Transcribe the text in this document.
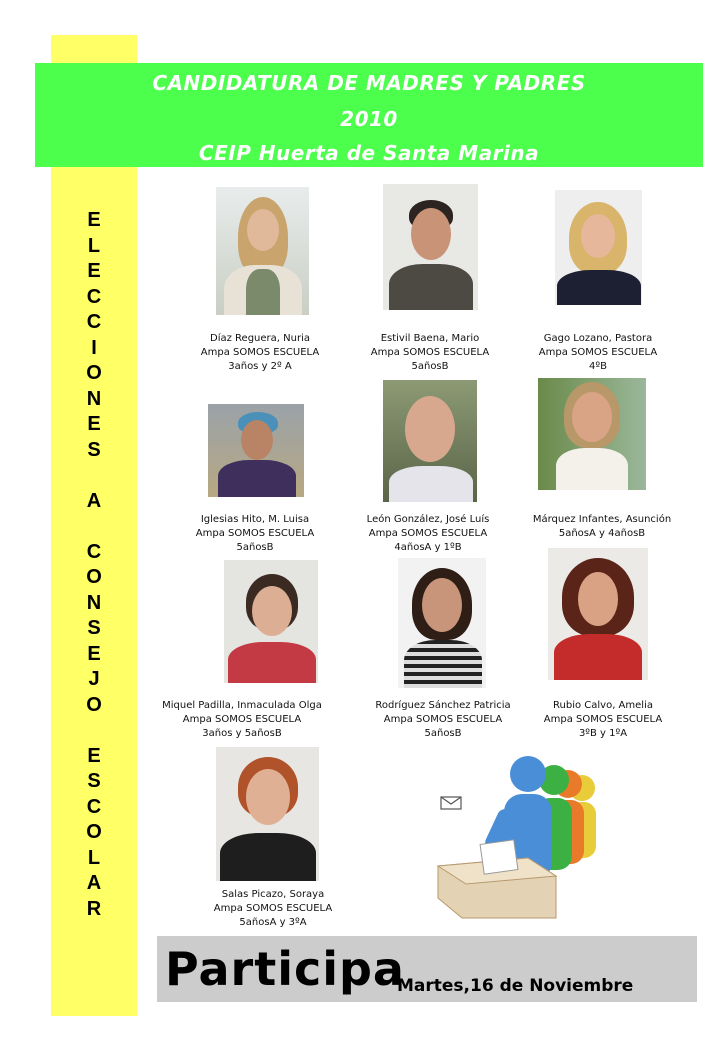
CANDIDATURA DE MADRES Y PADRES
2010
CEIP Huerta de Santa Marina
E
L
E
C
C
I
O
N
E
S
A
C
O
N
S
E
J
O
E
S
C
O
L
A
R
Díaz Reguera, Nuria
Ampa SOMOS ESCUELA
3años y 2º A
Estivil Baena, Mario
Ampa SOMOS ESCUELA
5añosB
Gago Lozano, Pastora
Ampa SOMOS ESCUELA
4ºB
Iglesias Hito, M. Luisa
Ampa SOMOS ESCUELA
5añosB
León González, José Luís
Ampa SOMOS ESCUELA
4añosA y 1ºB
Márquez Infantes, Asunción
5añosA y 4añosB
Miquel Padilla, Inmaculada Olga
Ampa SOMOS ESCUELA
3años y 5añosB
Rodríguez Sánchez Patricia
Ampa SOMOS ESCUELA
5añosB
Rubio Calvo, Amelia
Ampa SOMOS ESCUELA
3ºB y 1ºA
Salas Picazo, Soraya
Ampa SOMOS ESCUELA
5añosA y 3ºA
Participa
Martes,16 de Noviembre
